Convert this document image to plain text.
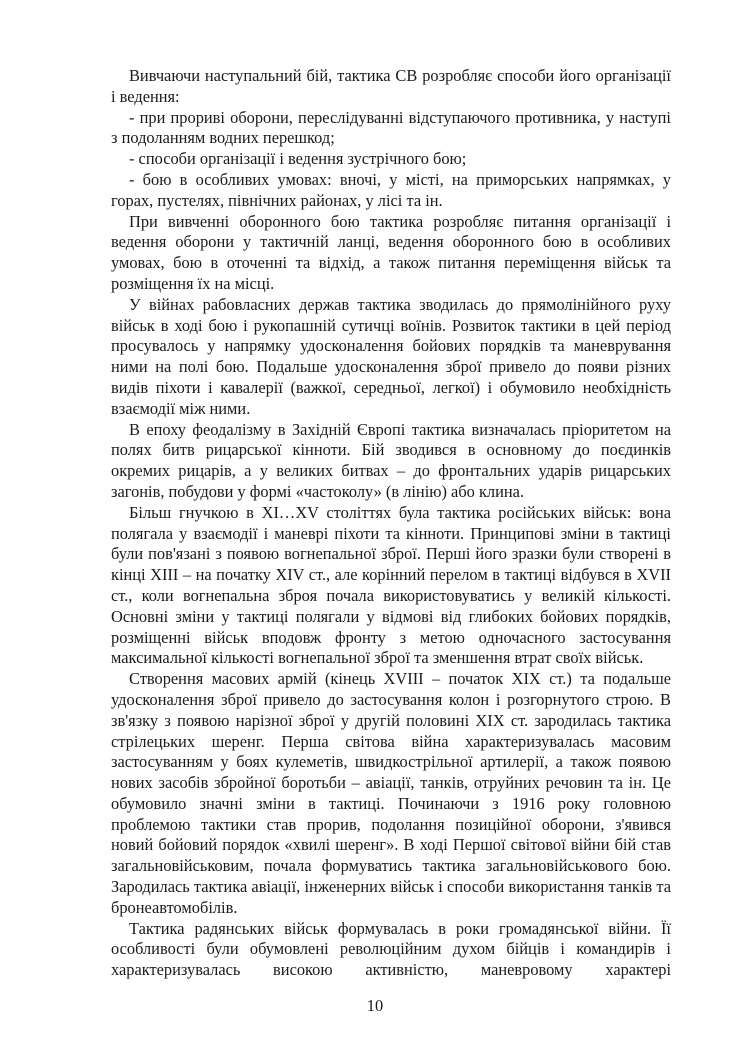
Вивчаючи наступальний бій, тактика СВ розробляє способи його організації і ведення:

- при прориві оборони, переслідуванні відступаючого противника, у наступі з подоланням водних перешкод;

- способи організації і ведення зустрічного бою;

- бою в особливих умовах: вночі, у місті, на приморських напрямках, у горах, пустелях, північних районах, у лісі та ін.

При вивченні оборонного бою тактика розробляє питання організації і ведення оборони у тактичній ланці, ведення оборонного бою в особливих умовах, бою в оточенні та відхід, а також питання переміщення військ та розміщення їх на місці.

У війнах рабовласних держав тактика зводилась до прямолінійного руху військ в ході бою і рукопашній сутичці воїнів. Розвиток тактики в цей період просувалось у напрямку удосконалення бойових порядків та маневрування ними на полі бою. Подальше удосконалення зброї привело до появи різних видів піхоти і кавалерії (важкої, середньої, легкої) і обумовило необхідність взаємодії між ними.

В епоху феодалізму в Західній Європі тактика визначалась пріоритетом на полях битв рицарської кінноти. Бій зводився в основному до поєдинків окремих рицарів, а у великих битвах – до фронтальних ударів рицарських загонів, побудови у формі «частоколу» (в лінію) або клина.

Більш гнучкою в XI…XV століттях була тактика російських військ: вона полягала у взаємодії і маневрі піхоти та кінноти. Принципові зміни в тактиці були пов'язані з появою вогнепальної зброї. Перші його зразки були створені в кінці XIII – на початку XIV ст., але корінний перелом в тактиці відбувся в XVII ст., коли вогнепальна зброя почала використовуватись у великій кількості. Основні зміни у тактиці полягали у відмові від глибоких бойових порядків, розміщенні військ вподовж фронту з метою одночасного застосування максимальної кількості вогнепальної зброї та зменшення втрат своїх військ.

Створення масових армій (кінець XVIII – початок XIX ст.) та подальше удосконалення зброї привело до застосування колон і розгорнутого строю. В зв'язку з появою нарізної зброї у другій половині XIX ст. зародилась тактика стрілецьких шеренг. Перша світова війна характеризувалась масовим застосуванням у боях кулеметів, швидкострільної артилерії, а також появою нових засобів збройної боротьби – авіації, танків, отруйних речовин та ін. Це обумовило значні зміни в тактиці. Починаючи з 1916 року головною проблемою тактики став прорив, подолання позиційної оборони, з'явився новий бойовий порядок «хвилі шеренг». В ході Першої світової війни бій став загальновійськовим, почала формуватись тактика загальновійськового бою. Зародилась тактика авіації, інженерних військ і способи використання танків та бронеавтомобілів.

Тактика радянських військ формувалась в роки громадянської війни. Її особливості були обумовлені революційним духом бійців і командирів і характеризувалась високою активністю, маневровому характері

10
